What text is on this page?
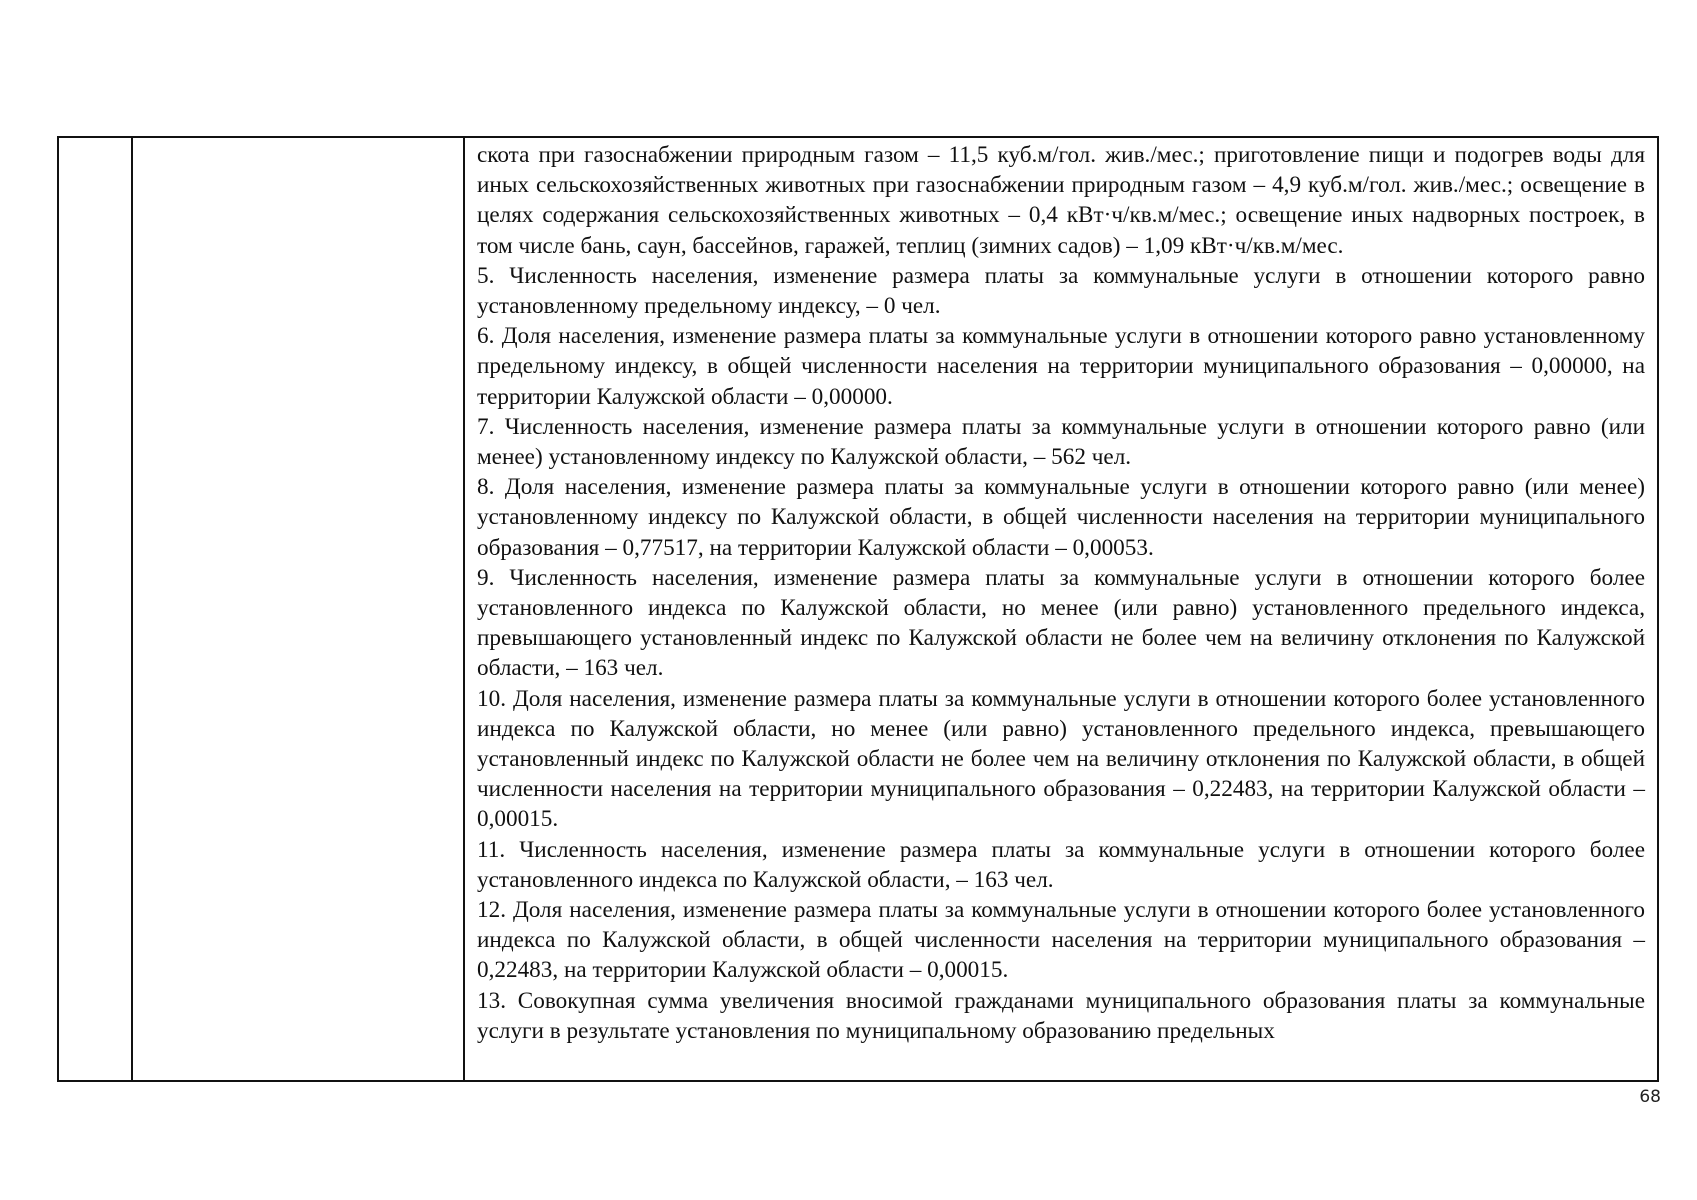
скота при газоснабжении природным газом – 11,5 куб.м/гол. жив./мес.; приготовление пищи и подогрев воды для иных сельскохозяйственных животных при газоснабжении природным газом – 4,9 куб.м/гол. жив./мес.; освещение в целях содержания сельскохозяйственных животных – 0,4 кВт·ч/кв.м/мес.; освещение иных надворных построек, в том числе бань, саун, бассейнов, гаражей, теплиц (зимних садов) – 1,09 кВт·ч/кв.м/мес.

5. Численность населения, изменение размера платы за коммунальные услуги в отношении которого равно установленному предельному индексу, – 0 чел.

6. Доля населения, изменение размера платы за коммунальные услуги в отношении которого равно установленному предельному индексу, в общей численности населения на территории муниципального образования – 0,00000, на территории Калужской области – 0,00000.

7. Численность населения, изменение размера платы за коммунальные услуги в отношении которого равно (или менее) установленному индексу по Калужской области, – 562 чел.

8. Доля населения, изменение размера платы за коммунальные услуги в отношении которого равно (или менее) установленному индексу по Калужской области, в общей численности населения на территории муниципального образования – 0,77517, на территории Калужской области – 0,00053.

9. Численность населения, изменение размера платы за коммунальные услуги в отношении которого более установленного индекса по Калужской области, но менее (или равно) установленного предельного индекса, превышающего установленный индекс по Калужской области не более чем на величину отклонения по Калужской области, – 163 чел.

10. Доля населения, изменение размера платы за коммунальные услуги в отношении которого более установленного индекса по Калужской области, но менее (или равно) установленного предельного индекса, превышающего установленный индекс по Калужской области не более чем на величину отклонения по Калужской области, в общей численности населения на территории муниципального образования – 0,22483, на территории Калужской области – 0,00015.

11. Численность населения, изменение размера платы за коммунальные услуги в отношении которого более установленного индекса по Калужской области, – 163 чел.

12. Доля населения, изменение размера платы за коммунальные услуги в отношении которого более установленного индекса по Калужской области, в общей численности населения на территории муниципального образования – 0,22483, на территории Калужской области – 0,00015.

13. Совокупная сумма увеличения вносимой гражданами муниципального образования платы за коммунальные услуги в результате установления по муниципальному образованию предельных

68
